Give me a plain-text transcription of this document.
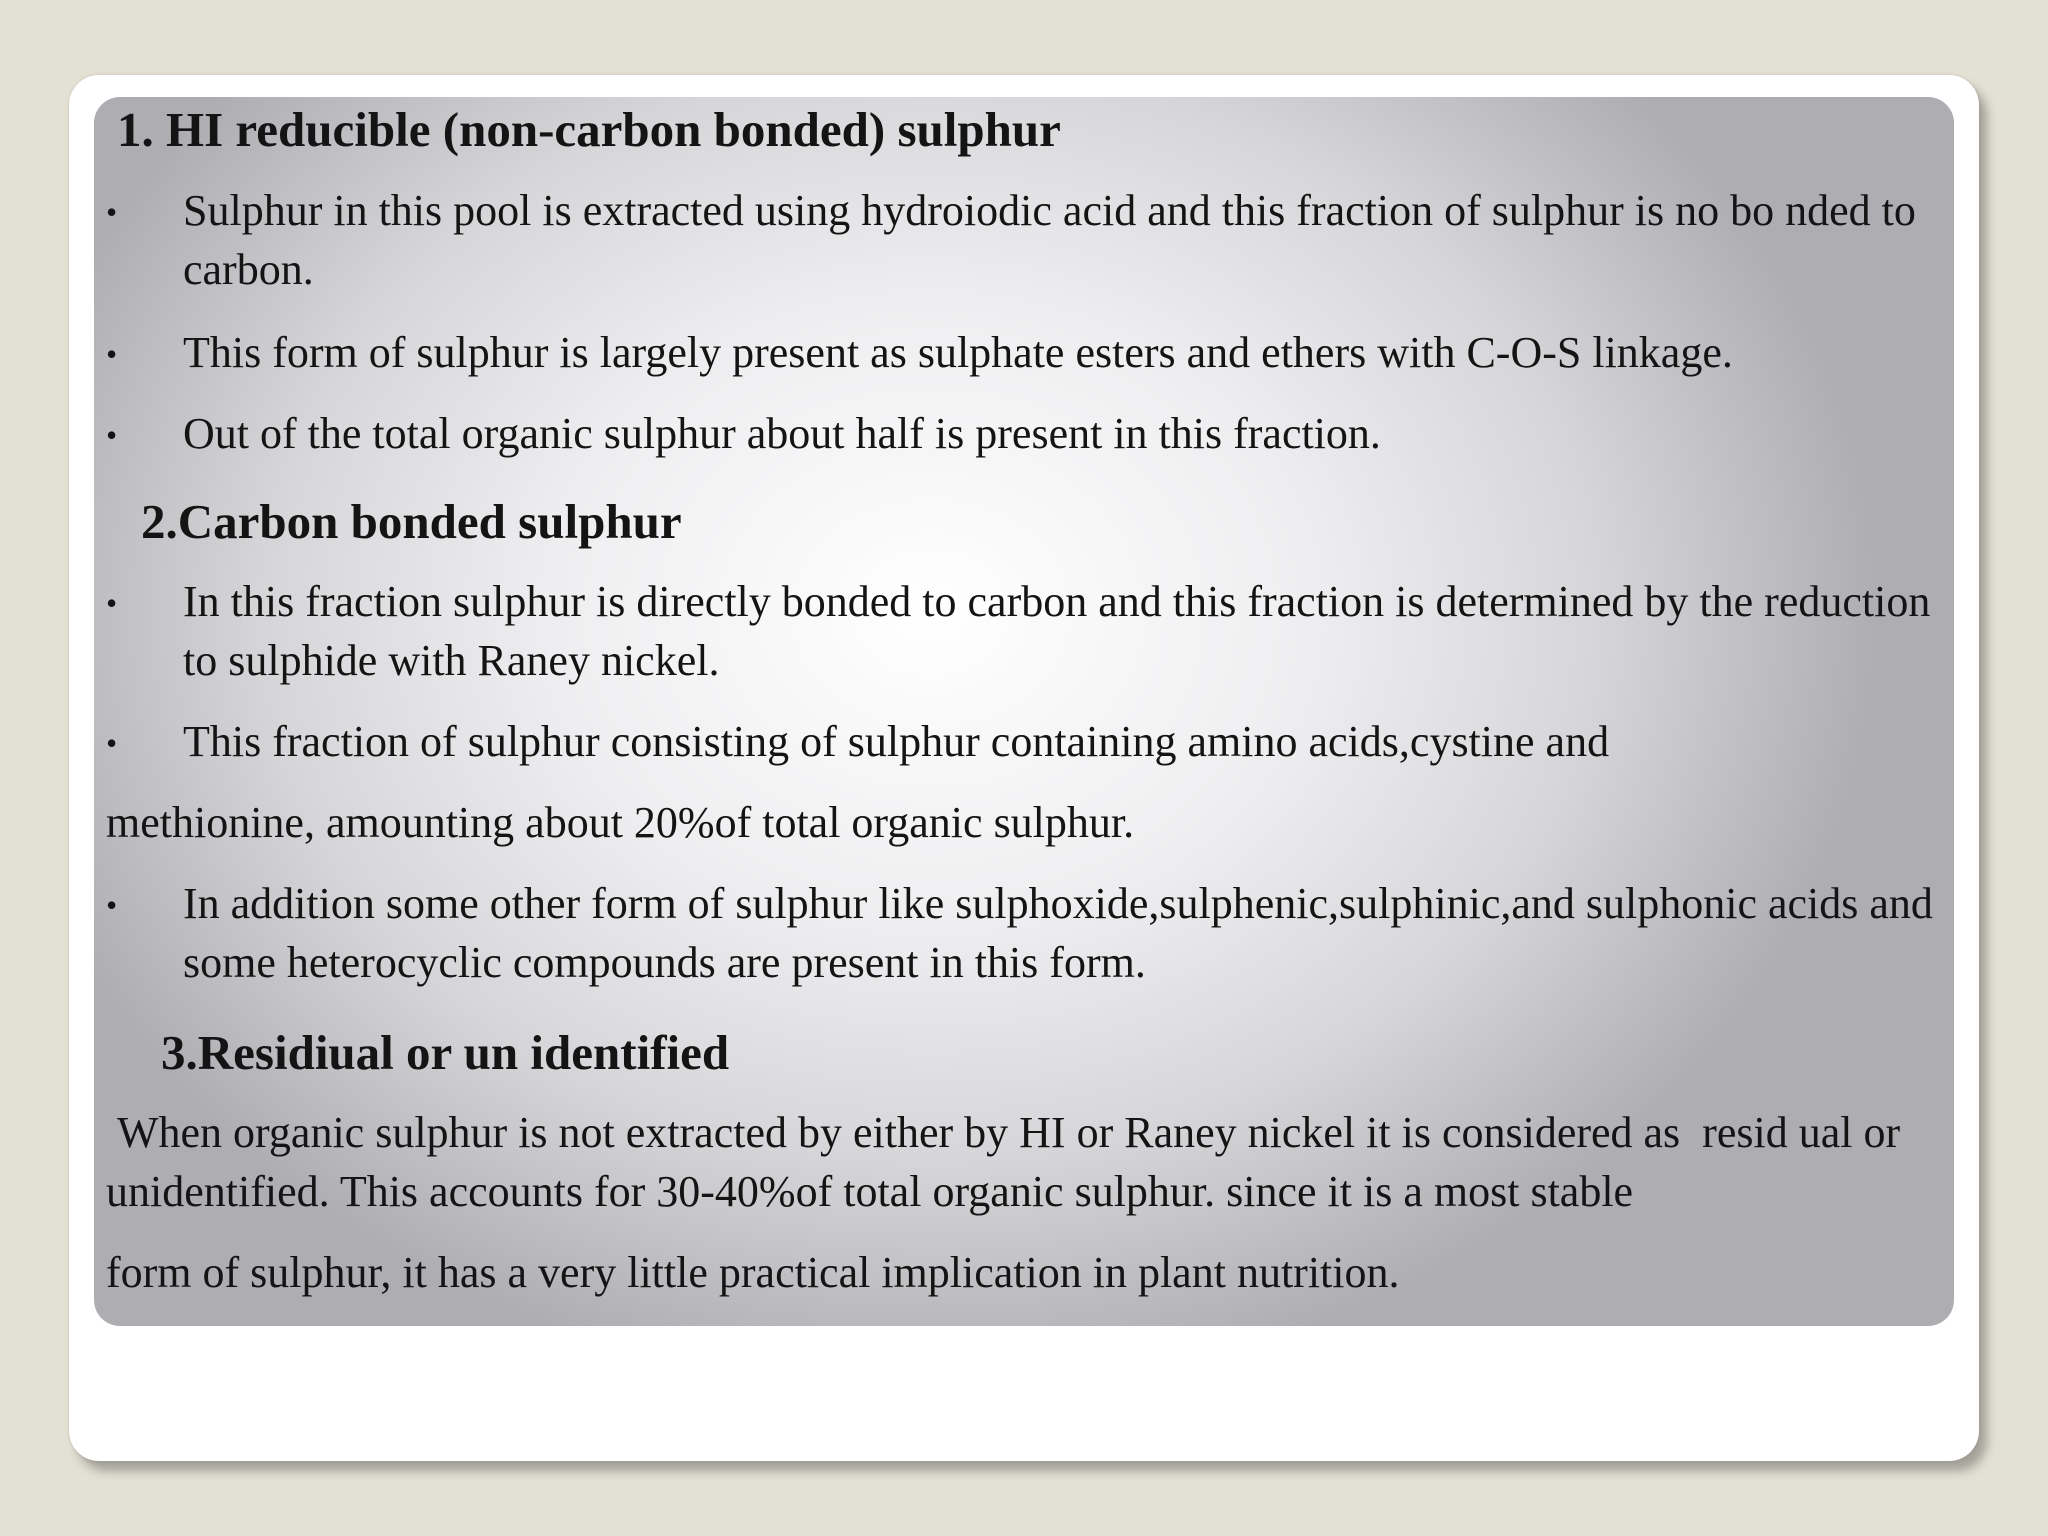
1. HI reducible (non-carbon bonded) sulphur
• Sulphur in this pool is extracted using hydroiodic acid and this fraction of sulphur is no bo nded to carbon.

• This form of sulphur is largely present as sulphate esters and ethers with C-O-S linkage.

• Out of the total organic sulphur about half is present in this fraction.

2.Carbon bonded sulphur
• In this fraction sulphur is directly bonded to carbon and this fraction is determined by the reduction to sulphide with Raney nickel.

• This fraction of sulphur consisting of sulphur containing amino acids,cystine and

methionine, amounting about 20%of total organic sulphur.

• In addition some other form of sulphur like sulphoxide,sulphenic,sulphinic,and sulphonic acids and some heterocyclic compounds are present in this form.

3.Residiual or un identified

When organic sulphur is not extracted by either by HI or Raney nickel it is considered as  resid ual or unidentified. This accounts for 30-40%of total organic sulphur. since it is a most stable

form of sulphur, it has a very little practical implication in plant nutrition.
